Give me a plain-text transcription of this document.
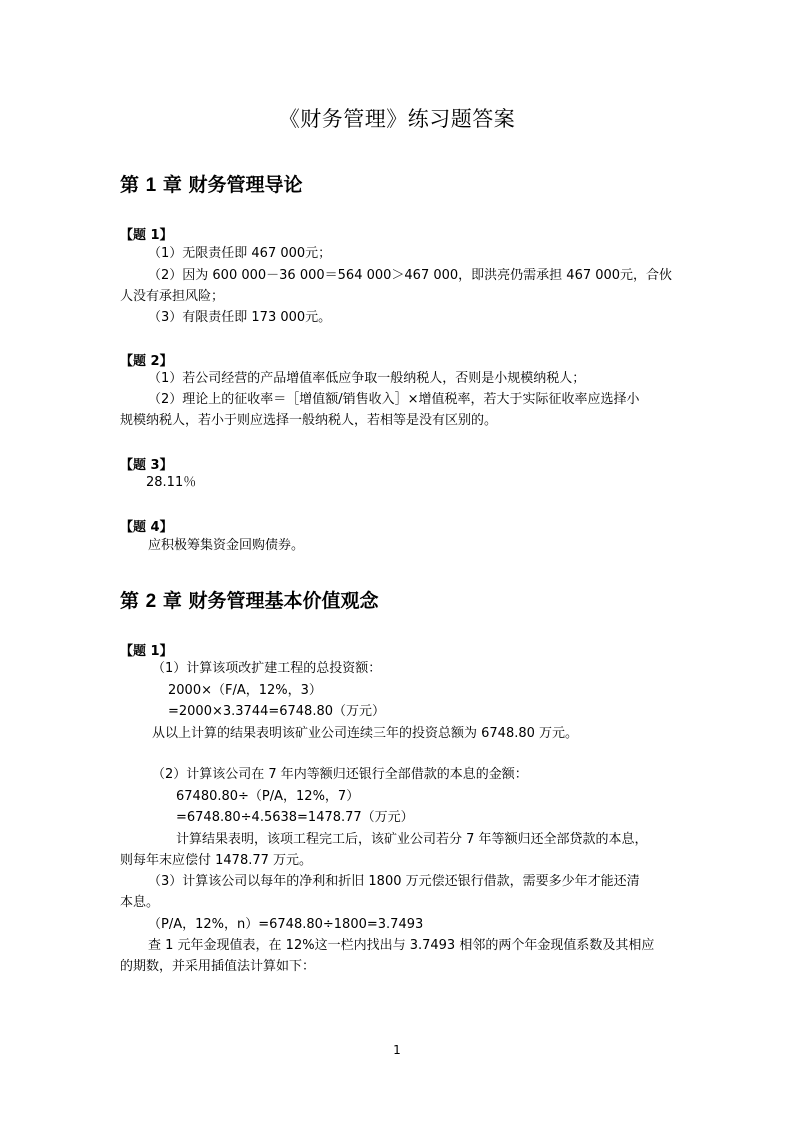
《财务管理》练习题答案
第 1 章 财务管理导论
【题 1】
（1）无限责任即 467 000元；
（2）因为 600 000－36 000＝564 000＞467 000，即洪亮仍需承担 467 000元，合伙
人没有承担风险；
（3）有限责任即 173 000元。
【题 2】
（1）若公司经营的产品增值率低应争取一般纳税人，否则是小规模纳税人；
（2）理论上的征收率＝［增值额/销售收入］×增值税率，若大于实际征收率应选择小
规模纳税人，若小于则应选择一般纳税人，若相等是没有区别的。
【题 3】
28.11％
【题 4】
应积极筹集资金回购债券。
第 2 章 财务管理基本价值观念
【题 1】
（1）计算该项改扩建工程的总投资额：
2000×（F/A，12%，3）
=2000×3.3744=6748.80（万元）
从以上计算的结果表明该矿业公司连续三年的投资总额为 6748.80 万元。
（2）计算该公司在 7 年内等额归还银行全部借款的本息的金额：
67480.80÷（P/A，12%，7）
=6748.80÷4.5638=1478.77（万元）
计算结果表明，该项工程完工后，该矿业公司若分 7 年等额归还全部贷款的本息，
则每年末应偿付 1478.77 万元。
（3）计算该公司以每年的净利和折旧 1800 万元偿还银行借款，需要多少年才能还清
本息。
（P/A，12%，n）=6748.80÷1800=3.7493
查 1 元年金现值表，在 12%这一栏内找出与 3.7493 相邻的两个年金现值系数及其相应
的期数，并采用插值法计算如下：
1
